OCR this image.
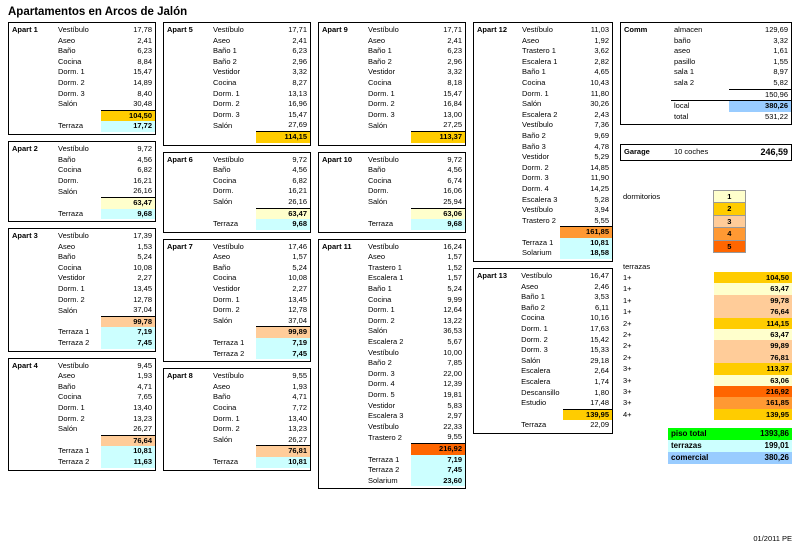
Apartamentos en Arcos de Jalón
Apart 1	Vestíbulo	17,78
	Aseo	2,41
	Baño	6,23
	Cocina	8,84
	Dorm. 1	15,47
	Dorm. 2	14,89
	Dorm. 3	8,40
	Salón	30,48
		104,50
	Terraza	17,72
Apart 2	Vestíbulo	9,72
	Baño	4,56
	Cocina	6,82
	Dorm.	16,21
	Salón	26,16
		63,47
	Terraza	9,68
Apart 3	Vestíbulo	17,39
	Aseo	1,53
	Baño	5,24
	Cocina	10,08
	Vestidor	2,27
	Dorm. 1	13,45
	Dorm. 2	12,78
	Salón	37,04
		99,78
	Terraza 1	7,19
	Terraza 2	7,45
Apart 4	Vestíbulo	9,45
	Aseo	1,93
	Baño	4,71
	Cocina	7,65
	Dorm. 1	13,40
	Dorm. 2	13,23
	Salón	26,27
		76,64
	Terraza 1	10,81
	Terraza 2	11,63
Apart 5	Vestíbulo	17,71
	Aseo	2,41
	Baño 1	6,23
	Baño 2	2,96
	Vestidor	3,32
	Cocina	8,27
	Dorm. 1	13,13
	Dorm. 2	16,96
	Dorm. 3	15,47
	Salón	27,69
		114,15
Apart 6	Vestíbulo	9,72
	Baño	4,56
	Cocina	6,82
	Dorm.	16,21
	Salón	26,16
		63,47
	Terraza	9,68
Apart 7	Vestíbulo	17,46
	Aseo	1,57
	Baño	5,24
	Cocina	10,08
	Vestidor	2,27
	Dorm. 1	13,45
	Dorm. 2	12,78
	Salón	37,04
		99,89
	Terraza 1	7,19
	Terraza 2	7,45
Apart 8	Vestíbulo	9,55
	Aseo	1,93
	Baño	4,71
	Cocina	7,72
	Dorm. 1	13,40
	Dorm. 2	13,23
	Salón	26,27
		76,81
	Terraza	10,81
Apart 9	Vestíbulo	17,71
	Aseo	2,41
	Baño 1	6,23
	Baño 2	2,96
	Vestidor	3,32
	Cocina	8,18
	Dorm. 1	15,47
	Dorm. 2	16,84
	Dorm. 3	13,00
	Salón	27,25
		113,37
Apart 10	Vestíbulo	9,72
	Baño	4,56
	Cocina	6,74
	Dorm.	16,06
	Salón	25,94
		63,06
	Terraza	9,68
Apart 11	Vestíbulo	16,24
	Aseo	1,57
	Trastero 1	1,52
	Escalera 1	1,57
	Baño 1	5,24
	Cocina	9,99
	Dorm. 1	12,64
	Dorm. 2	13,22
	Salón	36,53
	Escalera 2	5,67
	Vestíbulo	10,00
	Baño 2	7,85
	Dorm. 3	22,00
	Dorm. 4	12,39
	Dorm. 5	19,81
	Vestidor	5,83
	Escalera 3	2,97
	Vestíbulo	22,33
	Trastero 2	9,55
		216,92
	Terraza 1	7,19
	Terraza 2	7,45
	Solarium	23,60
Apart 12	Vestíbulo	11,03
	Aseo	1,92
	Trastero 1	3,62
	Escalera 1	2,82
	Baño 1	4,65
	Cocina	10,43
	Dorm. 1	11,80
	Salón	30,26
	Escalera 2	2,43
	Vestíbulo	7,36
	Baño 2	9,69
	Baño 3	4,78
	Vestidor	5,29
	Dorm. 2	14,85
	Dorm. 3	11,90
	Dorm. 4	14,25
	Escalera 3	5,28
	Vestíbulo	3,94
	Trastero 2	5,55
		161,85
	Terraza 1	10,81
	Solarium	18,58
Apart 13	Vestíbulo	16,47
	Aseo	2,46
	Baño 1	3,53
	Baño 2	6,11
	Cocina	10,16
	Dorm. 1	17,63
	Dorm. 2	15,42
	Dorm. 3	15,33
	Salón	29,18
	Escalera	2,64
	Escalera	1,74
	Descansillo	1,80
	Estudio	17,48
		139,95
	Terraza	22,09
Comm	almacen	129,69
	baño	3,32
	aseo	1,61
	pasillo	1,55
	sala 1	8,97
	sala 2	5,82
		150,96
	local	380,26
	total	531,22
Garage	10 coches	246,59
dormitorios		1	
		2	
		3	
		4	
		5	
terrazas			
1+		104,50	
1+		63,47	
1+		99,78	
1+		76,64	
2+		114,15	
2+		63,47	
2+		99,89	
2+		76,81	
3+		113,37	
3+		63,06	
3+		216,92	
3+		161,85	
4+		139,95	
	piso total	1393,86
	terrazas	199,01
	comercial	380,26
01/2011 PE
